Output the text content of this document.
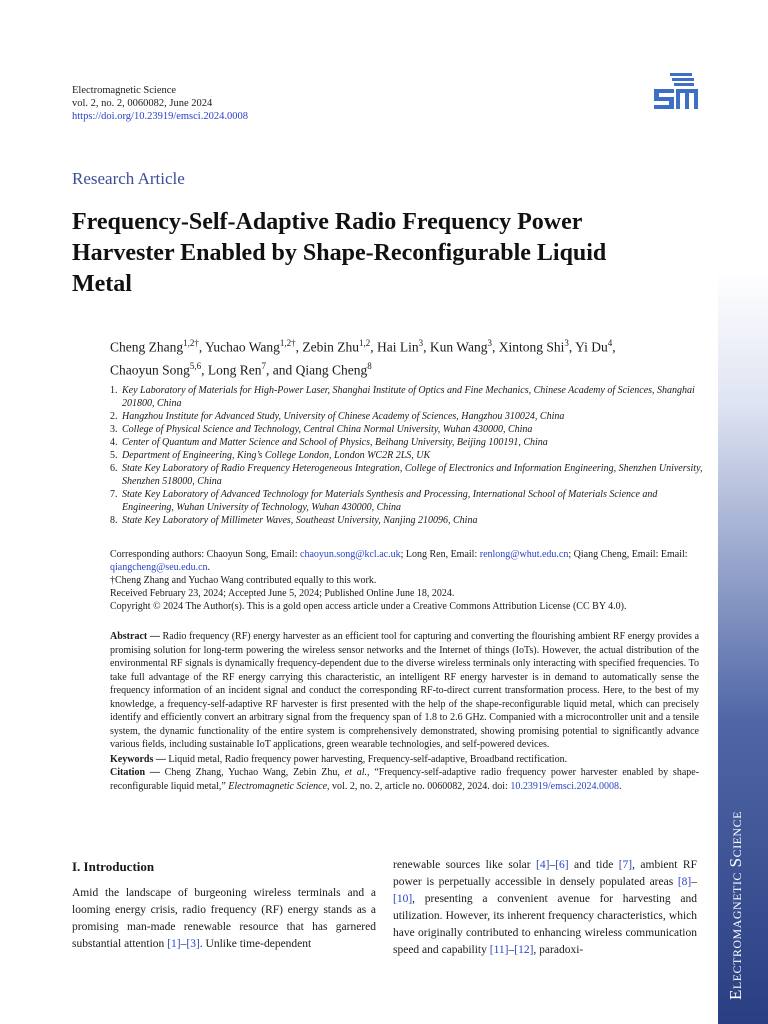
Electromagnetic Science
vol. 2, no. 2, 0060082, June 2024
https://doi.org/10.23919/emsci.2024.0008
Research Article
Frequency-Self-Adaptive Radio Frequency Power Harvester Enabled by Shape-Reconfigurable Liquid Metal
Cheng Zhang$^{1,2\dagger}$, Yuchao Wang$^{1,2\dagger}$, Zebin Zhu$^{1,2}$, Hai Lin$^3$, Kun Wang$^3$, Xintong Shi$^3$, Yi Du$^4$,
Chaoyun Song$^{5,6}$, Long Ren$^7$, and Qiang Cheng$^8$
1. Key Laboratory of Materials for High-Power Laser, Shanghai Institute of Optics and Fine Mechanics, Chinese Academy of Sciences, Shanghai 201800, China
2. Hangzhou Institute for Advanced Study, University of Chinese Academy of Sciences, Hangzhou 310024, China
3. College of Physical Science and Technology, Central China Normal University, Wuhan 430000, China
4. Center of Quantum and Matter Science and School of Physics, Beihang University, Beijing 100191, China
5. Department of Engineering, King’s College London, London WC2R 2LS, UK
6. State Key Laboratory of Radio Frequency Heterogeneous Integration, College of Electronics and Information Engineering, Shenzhen University, Shenzhen 518000, China
7. State Key Laboratory of Advanced Technology for Materials Synthesis and Processing, International School of Materials Science and Engineering, Wuhan University of Technology, Wuhan 430000, China
8. State Key Laboratory of Millimeter Waves, Southeast University, Nanjing 210096, China
Corresponding authors: Chaoyun Song, Email: chaoyun.song@kcl.ac.uk; Long Ren, Email: renlong@whut.edu.cn; Qiang Cheng, Email: Email: qiangcheng@seu.edu.cn.
†Cheng Zhang and Yuchao Wang contributed equally to this work.
Received February 23, 2024; Accepted June 5, 2024; Published Online June 18, 2024.
Copyright © 2024 The Author(s). This is a gold open access article under a Creative Commons Attribution License (CC BY 4.0).
Abstract — Radio frequency (RF) energy harvester as an efficient tool for capturing and converting the flourishing ambient RF energy provides a promising solution for long-term powering the wireless sensor networks and the Internet of things (IoTs). However, the actual distribution of the environmental RF signals is dynamically frequency-dependent due to the diverse wireless terminals only interacting with specified frequencies. To take full advantage of the RF energy carrying this characteristic, an intelligent RF energy harvester is in demand to automatically sense the frequency information of an incident signal and conduct the corresponding RF-to-direct current transformation process. Here, to the best of my knowledge, a frequency-self-adaptive RF harvester is first presented with the help of the shape-reconfigurable liquid metal, which can precisely identify and efficiently convert an arbitrary signal from the frequency span of 1.8 to 2.6 GHz. Companied with a microcontroller unit and a tensile system, the dynamic functionality of the entire system is comprehensively demonstrated, showing promising potential to significantly advance various fields, including sustainable IoT applications, green wearable technologies, and self-powered devices.
Keywords — Liquid metal, Radio frequency power harvesting, Frequency-self-adaptive, Broadband rectification.
Citation — Cheng Zhang, Yuchao Wang, Zebin Zhu, et al., “Frequency-self-adaptive radio frequency power harvester enabled by shape-reconfigurable liquid metal,” Electromagnetic Science, vol. 2, no. 2, article no. 0060082, 2024. doi: 10.23919/emsci.2024.0008.
I. Introduction
Amid the landscape of burgeoning wireless terminals and a looming energy crisis, radio frequency (RF) energy stands as a promising man-made renewable resource that has garnered substantial attention [1]–[3]. Unlike time-dependent
renewable sources like solar [4]–[6] and tide [7], ambient RF power is perpetually accessible in densely populated areas [8]–[10], presenting a convenient avenue for harvesting and utilization. However, its inherent frequency characteristics, which have originally contributed to enhancing wireless communication speed and capability [11]–[12], paradoxi-	Electromagnetic Science
